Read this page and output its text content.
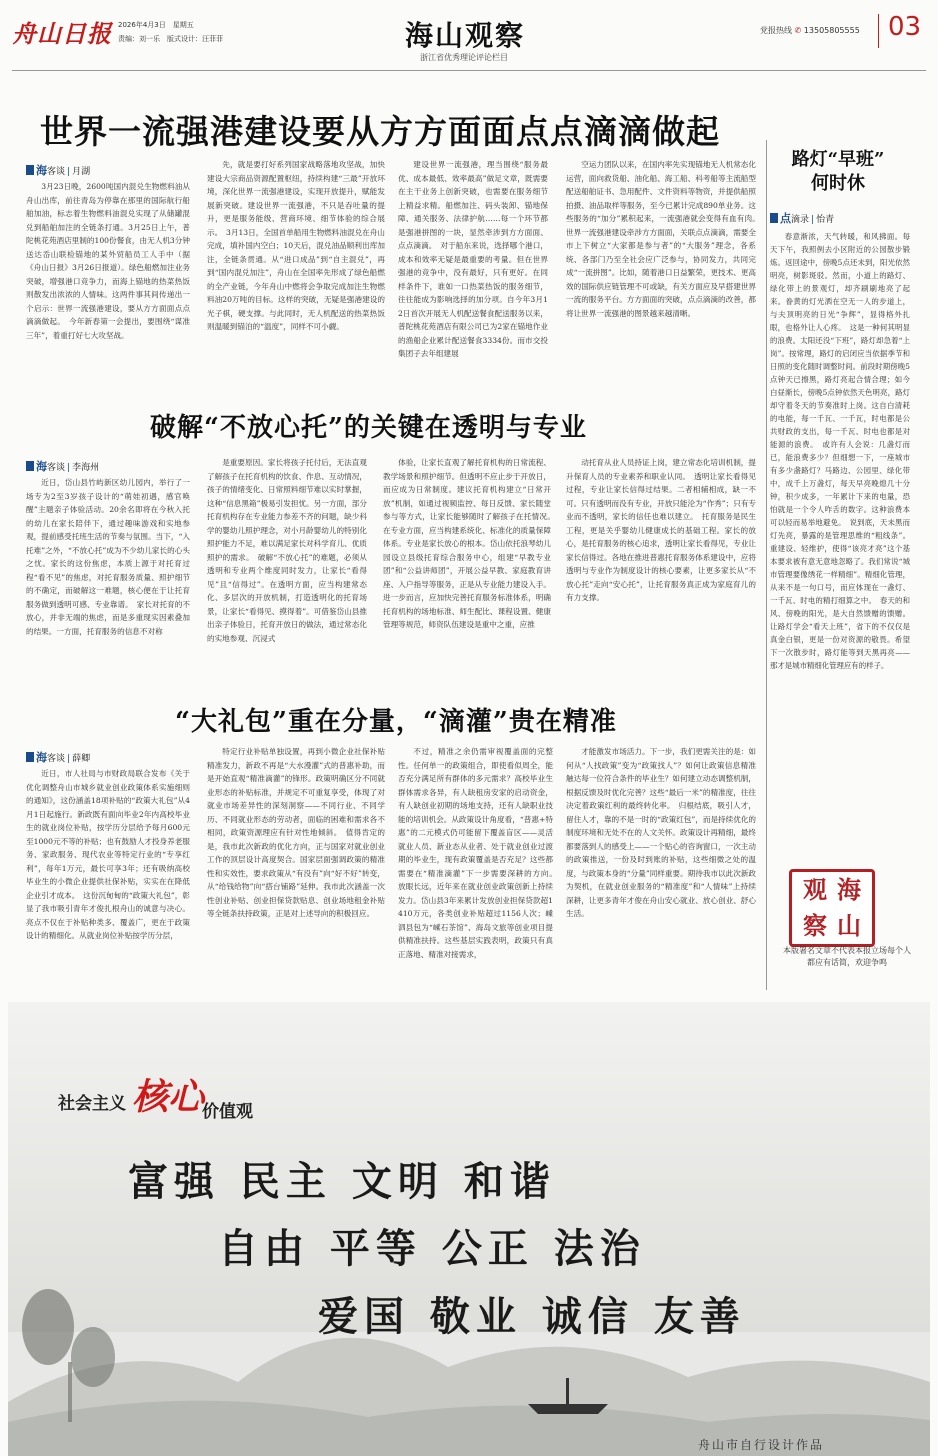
舟山日报 2026年4月3日　星期五
责编：刘一乐　版式设计：汪菲菲	海山观察
浙江省优秀理论评论栏目
党报热线 ✆ 13505805555 03
世界一流强港建设要从方方面面点点滴滴做起
海客谈 | 月湖

3月23日晚，2600吨国内混兑生物燃料油从舟山出库，前往青岛为停靠在那里的国际航行船舶加油，标志着生物燃料油混兑实现了从储罐混兑到船舶加注的全链条打通。3月25日上午，普陀桃花苑酒店里制的100份餐食，由无人机3分钟送达岙山联检锚地的某外贸船员工人手中（据《舟山日报》3月26日报道）。绿色船燃加注业务突破，增强港口竞争力，而海上锚地的热菜热饭则散发出浓浓的人情味。这两件事其间传递出一个启示：世界一流强港建设，要从方方面面点点滴滴做起。　今年新春第一会提出，要围绕“谋准三年”，着重打好七大攻坚战。

先，就是要打好系列国家战略落地攻坚战，加快建设大宗商品资源配置枢纽，持续构建“三最”开放环境，深化世界一流强港建设，实现开放提升，赋能发展新突破。建设世界一流强港，不只是吞吐量的提升，更是服务能级、营商环境、细节体验的综合展示。　3月13日，全国首单船用生物燃料油混兑在舟山完成，填补国内空白；10天后，混兑油品顺利出库加注，全链条贯通。从“进口成品”到“自主混兑”，再到“国内混兑加注”，舟山在全国率先形成了绿色船燃的全产业链，今年舟山中燃将会争取完成加注生物燃料油20万吨的目标。这样的突破，无疑是强港建设的光子棋，硬支撑。与此同时，无人机配送的热菜热饭则温暖到锚泊的“温度”，同样不可小觑。

建设世界一流强港，理当围绕“服务最优、成本最低、效率最高”做足文章，既需要在主干业务上创新突破，也需要在服务细节上精益求精。船燃加注、码头装卸、锚地保障、通关服务、法律护航……每一个环节都是强港拼图的一块，显然牵涉到方方面面、点点滴滴。　对于船东来说，选择哪个港口，成本和效率无疑是最重要的考量。但在世界强港的竞争中，没有最好，只有更好。在同样条件下，谁如一口热菜热饭的服务细节，往往能成为影响选择的加分项。自今年3月12日首次开展无人机配送餐食配送服务以来，普陀桃花苑酒店有限公司已为2家在锚地作业的渔船企业累计配送餐食3334份。而市交投集团子去年组建展

空运力团队以来，在国内率先实现锚地无人机常态化运营，面向救货船、油化船、海工船、科考船等主流船型配送船舶证书、急用配件、文件资料等物资，并提供船照拍摄、油品取样等服务，至今已累计完成890单业务。这些服务的“加分”累积起来，一流强港就会变得有血有肉。　世界一流强港建设牵涉方方面面，关联点点滴滴，需要全市上下树立“大家都是参与者”的“大服务”理念，各系统、各部门乃至全社会应广泛参与，协同发力，共同完成“一流拼图”。比如，随着港口日益繁荣，更技术、更高效的国际供应链管理不可或缺，有关方面应及早搭建世界一流的服务平台。方方面面的突破，点点滴滴的改善，都将让世界一流强港的图景越来越清晰。

破解“不放心托”的关键在透明与专业
海客谈 | 李海州

近日，岱山县竹屿新区幼儿园内，举行了一场专为2至3岁孩子设计的“萌娃初遇，感官唤醒”主题亲子体验活动。20余名即将在今秋入托的幼儿在家长陪伴下，通过趣味游戏和实地参观，提前感受托班生活的节奏与氛围。当下，“入托难”之外，“不放心托”成为不少幼儿家长的心头之忧。家长的这份焦虑，本质上源于对托育过程“看不见”的焦虑，对托育服务质量、照护细节的不确定，而破解这一难题，核心便在于让托育服务做到透明可感、专业靠谱。　家长对托育的不放心，并非无端的焦虑，而是多重现实因素叠加的结果。一方面，托育服务的信息不对称

是重要原因。家长将孩子托付后，无法直观了解孩子在托育机构的饮食、作息、互动情况，孩子的情绪变化、日常照料细节难以实时掌握，这种“信息黑箱”极易引发担忧。另一方面，部分托育机构存在专业能力参差不齐的问题，缺少科学的婴幼儿照护理念，对小月龄婴幼儿的特别化照护能力不足，难以满足家长对科学育儿、优质照护的需求。　破解“不放心托”的难题，必须从透明和专业两个维度同时发力，让家长“看得见”且“信得过”。在透明方面，应当构建常态化、多层次的开放机制，打造透明化的托育场景，让家长“看得见、摸得着”。可借鉴岱山县推出亲子体验日，托育开放日的做法，通过常态化的实地参观、沉浸式

体验，让家长直观了解托育机构的日常流程、教学场景和照护细节。但透明不应止步于开放日，而应成为日常制度。建议托育机构建立“日常开放”机制，如通过视频监控、每日反馈、家长随堂参与等方式，让家长能够随时了解孩子在托情况。　在专业方面，应当构建系统化、标准化的质量保障体系。专业是家长放心的根本。岱山依托浪琴幼儿园设立县级托育综合服务中心，组建“早教专业团”和“公益讲师团”，开展公益早教、家庭教育讲座、入户指导等服务，正是从专业能力建设入手。进一步而言，应加快完善托育服务标准体系，明确托育机构的场地标准、师生配比、课程设置、健康管理等规范，师资队伍建设是重中之重，应推

动托育从业人员持证上岗，建立常态化培训机制，提升保育人员的专业素养和职业认同。　透明让家长看得见过程，专业让家长信得过结果。二者相辅相成，缺一不可。只有透明而没有专业，开放只能沦为“作秀”；只有专业而不透明，家长的信任也难以建立。　托育服务是民生工程，更是关乎婴幼儿健康成长的基础工程。家长的放心，是托育服务的核心追求，透明让家长看得见，专业让家长信得过。各地在推进普惠托育服务体系建设中，应将透明与专业作为制度设计的核心要素，让更多家长从“不放心托”走向“安心托”，让托育服务真正成为家庭育儿的有力支撑。

“大礼包”重在分量，“滴灌”贵在精准
海客谈 | 薛卿

近日，市人社局与市财政局联合发布《关于优化调整舟山市城乡就业创业政策体系实施细则的通知》，这份涵盖18项补贴的“政策大礼包”从4月1日起施行。新政既有面向毕业2年内高校毕业生的就业岗位补贴，按学历分层给予每月600元至1000元不等的补贴；也有鼓励人才投身养老服务、家政服务、现代农业等特定行业的“专享红利”，每年1万元，最长可享3年；还有吸纳高校毕业生的小微企业提供社保补贴，实实在在降低企业引才成本。　这份沉甸甸的“政策大礼包”，彰显了我市吸引青年才俊扎根舟山的诚意与决心。亮点不仅在于补贴种类多、覆盖广，更在于政策设计的精细化。从就业岗位补贴按学历分层，

特定行业补贴单独设置，再到小微企业社保补贴精准发力，新政不再是“大水漫灌”式的普惠补助，而是开始直观“精准滴灌”的锋形。政策明确区分不同就业形态的补贴标准，并规定不可重复享受，体现了对就业市场差异性的深刻洞察——不同行业、不同学历、不同就业形态的劳动者，面临的困难和需求各不相同，政策资源理应有针对性地倾斜。　值得肯定的是，我市此次新政的优化方向，正与国家对就业创业工作的顶层设计高度契合。国家层面强调政策的精准性和实效性，要求政策从“有没有”向“好不好”转变，从“给钱给物”向“搭台铺路”延伸。我市此次涵盖一次性创业补贴、创业担保贷款贴息、创业场地租金补贴等全链条扶持政策，正是对上述导向的积极回应。

不过，精准之余仍需审视覆盖面的完整性。任何单一的政策组合，即使看似周全，能否充分满足所有群体的多元需求？高校毕业生群体需求各异，有人缺租房安家的启动资金，有人缺创业初期的场地支持，还有人缺职业技能的培训机会。从政策设计角度看，“普惠+特惠”的二元模式仍可能留下覆盖盲区——灵活就业人员、新业态从业者、处于就业创业过渡期的毕业生，现有政策覆盖是否充足？这些都需要在“精准滴灌”下一步需要深耕的方向。　放眼长远，近年来在就业创业政策创新上持续发力。岱山县3年来累计发放创业担保贷款超1410万元，各类创业补贴超过1156人次；嵊泗县包为“嵊石茶馆”、海岛文旅等创业项目提供精准扶持。这些基层实践表明，政策只有真正落地、精准对接需求，

才能激发市场活力。下一步，我们更需关注的是：如何从“人找政策”变为“政策找人”？如何让政策信息精准触达每一位符合条件的毕业生？如何建立动态调整机制，根据反馈及时优化完善？这些“最后一米”的精准度，往往决定着政策红利的最终转化率。　归根结底，吸引人才，留住人才，靠的不是一时的“政策红包”，而是持续优化的制度环境和无处不在的人文关怀。政策设计再精细，最终都要落到人的感受上——一个贴心的咨询窗口，一次主动的政策推送，一份及时到账的补贴，这些细微之处的温度，与政策本身的“分量”同样重要。期待我市以此次新政为契机，在就业创业服务的“精准度”和“人情味”上持续深耕，让更多青年才俊在舟山安心就业、放心创业、舒心生活。

路灯“早班”
何时休
点滴录 | 怡青

春意渐浓，天气转暖，和风拂面。每天下午，我照例去小区附近的公园散步锻炼。返回途中，傍晚5点还未到，阳光依然明亮，树影斑驳。然而，小道上的路灯、绿化带上的景观灯，却齐刷刷地亮了起来。眷黄的灯光洒在空无一人的步道上，与夫顶明亮的日光“争辉”，显得格外扎眼，也格外让人心疼。　这是一种何其明显的浪费。太阳还没“下班”，路灯却急着“上岗”。按常理，路灯的启闭应当依据季节和日照的变化随时调整时间。前段时期傍晚5点钟天已擦黑，路灯亮起合情合理；如今白昼渐长，傍晚5点钟依然天色明亮，路灯却守着冬天的节奏准时上岗。这自白清耗的电能，每一千瓦、一千瓦，时电都是公共财政的支出，每一千瓦、时电也都是对能源的浪费。　或许有人会说：几盏灯而已，能浪费多少？但细想一下，一座城市有多少盏路灯？马路边、公园里、绿化带中，成千上万盏灯，每天早亮晚熄几十分钟，积少成多，一年累计下来的电量，恐怕就是一个令人咋舌的数字。这种浪费本可以轻而易举地避免。　说到底，天未黑而灯先亮，暴露的是管理思维的“粗线条”。重建设、轻维护，使得“该亮才亮”这个基本要求被有意无意地忽略了。我们常说“城市管理要像绣花一样精细”。精细化管理，从来不是一句口号，而应体现在一盏灯、一千瓦、时电的精打细算之中。　春天的和风、傍晚的阳光，是大自然馈赠的馈赠。让路灯学会“看天上班”，省下的不仅仅是真金白银，更是一份对资源的敬畏。希望下一次散步时，路灯能等到天黑再亮——那才是城市精细化管理应有的样子。

观 海
察 山
本版署名文章不代表本报立场每个人都应有话简，欢迎争鸣
社会主义 核心
价值观
富强 民主 文明 和谐
自由 平等 公正 法治
爱国 敬业 诚信 友善
舟山市自行设计作品
